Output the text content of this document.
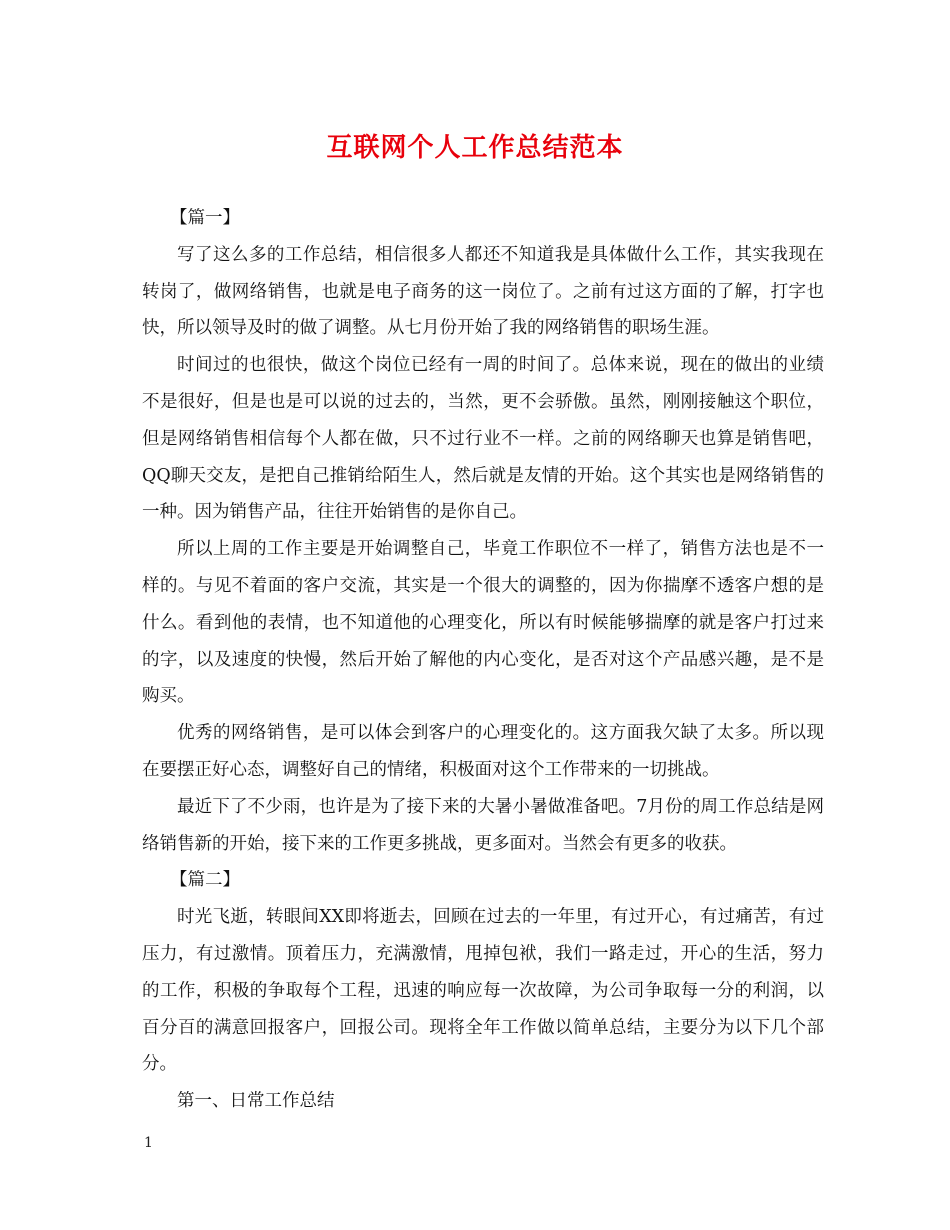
互联网个人工作总结范本

【篇一】

写了这么多的工作总结，相信很多人都还不知道我是具体做什么工作，其实我现在转岗了，做网络销售，也就是电子商务的这一岗位了。之前有过这方面的了解，打字也快，所以领导及时的做了调整。从七月份开始了我的网络销售的职场生涯。

时间过的也很快，做这个岗位已经有一周的时间了。总体来说，现在的做出的业绩不是很好，但是也是可以说的过去的，当然，更不会骄傲。虽然，刚刚接触这个职位，但是网络销售相信每个人都在做，只不过行业不一样。之前的网络聊天也算是销售吧，QQ聊天交友，是把自己推销给陌生人，然后就是友情的开始。这个其实也是网络销售的一种。因为销售产品，往往开始销售的是你自己。

所以上周的工作主要是开始调整自己，毕竟工作职位不一样了，销售方法也是不一样的。与见不着面的客户交流，其实是一个很大的调整的，因为你揣摩不透客户想的是什么。看到他的表情，也不知道他的心理变化，所以有时候能够揣摩的就是客户打过来的字，以及速度的快慢，然后开始了解他的内心变化，是否对这个产品感兴趣，是不是购买。

优秀的网络销售，是可以体会到客户的心理变化的。这方面我欠缺了太多。所以现在要摆正好心态，调整好自己的情绪，积极面对这个工作带来的一切挑战。

最近下了不少雨，也许是为了接下来的大暑小暑做准备吧。7月份的周工作总结是网络销售新的开始，接下来的工作更多挑战，更多面对。当然会有更多的收获。

【篇二】

时光飞逝，转眼间XX即将逝去，回顾在过去的一年里，有过开心，有过痛苦，有过压力，有过激情。顶着压力，充满激情，甩掉包袱，我们一路走过，开心的生活，努力的工作，积极的争取每个工程，迅速的响应每一次故障，为公司争取每一分的利润，以百分百的满意回报客户，回报公司。现将全年工作做以简单总结，主要分为以下几个部分。

第一、日常工作总结

1
